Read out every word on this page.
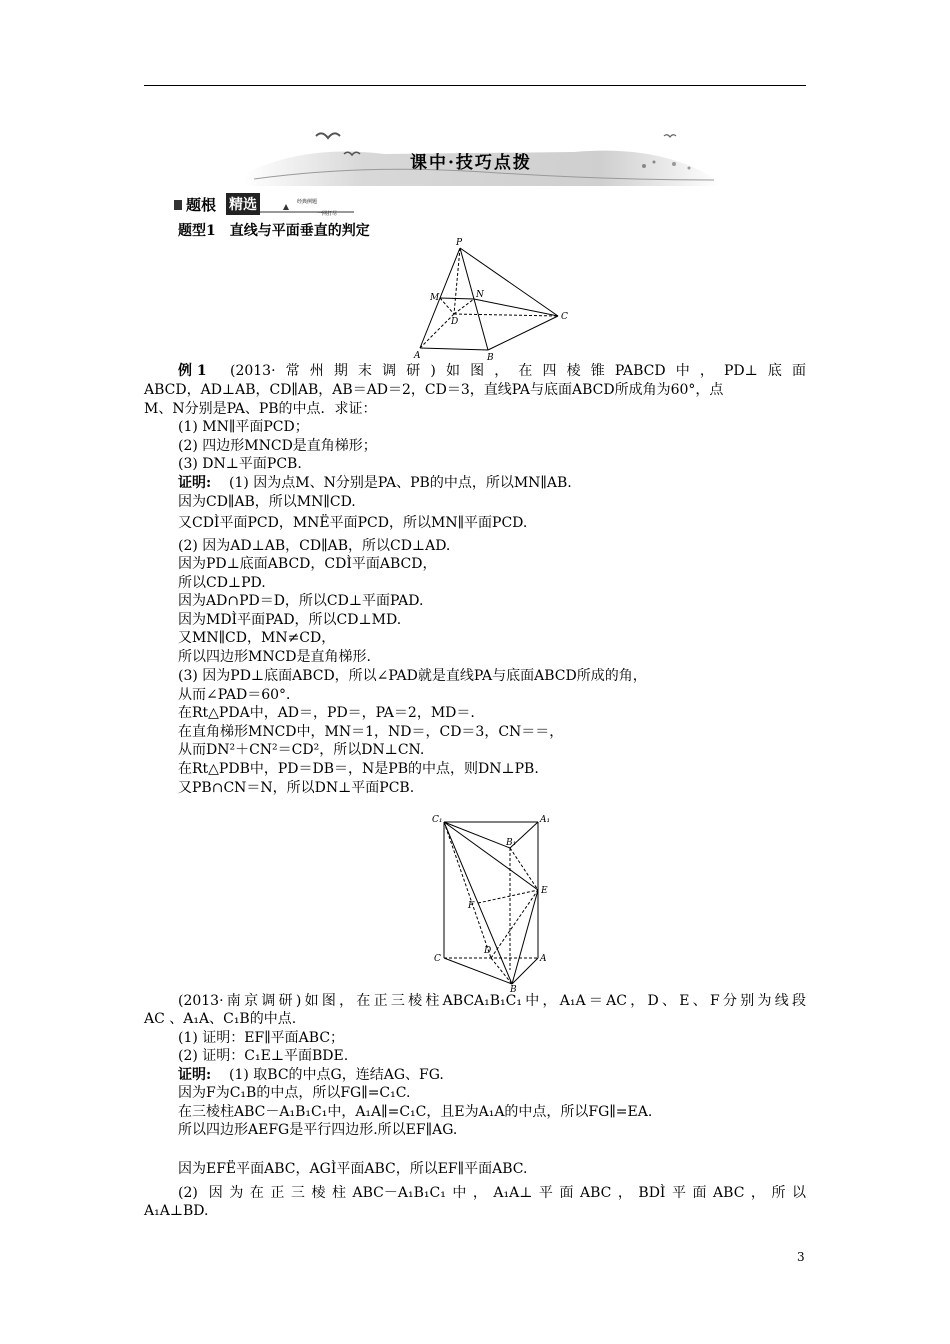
课中·技巧点拨
题根 精选	经典例题
一网打尽
题型1　直线与平面垂直的判定
P
M	N
D	C
A	B
例 1 (2013·常州期末调研)如图，在四棱锥PABCD中，PD⊥底面
ABCD，AD⊥AB，CD∥AB，AB＝AD＝2，CD＝3，直线PA与底面ABCD所成角为60°，点
M、N分别是PA、PB的中点．求证：
(1) MN∥平面PCD；
(2) 四边形MNCD是直角梯形；
(3) DN⊥平面PCB.
证明: (1) 因为点M、N分别是PA、PB的中点，所以MN∥AB.
因为CD∥AB，所以MN∥CD.
又CDÌ平面PCD，MNË平面PCD，所以MN∥平面PCD.
(2) 因为AD⊥AB，CD∥AB，所以CD⊥AD.
因为PD⊥底面ABCD，CDÌ平面ABCD，
所以CD⊥PD.
因为AD∩PD＝D，所以CD⊥平面PAD.
因为MDÌ平面PAD，所以CD⊥MD.
又MN∥CD，MN≠CD，
所以四边形MNCD是直角梯形.
(3) 因为PD⊥底面ABCD，所以∠PAD就是直线PA与底面ABCD所成的角，
从而∠PAD＝60°．
在Rt△PDA中，AD＝，PD＝，PA＝2，MD＝.
在直角梯形MNCD中，MN＝1，ND＝，CD＝3，CN＝＝，
从而DN²＋CN²＝CD²，所以DN⊥CN.
在Rt△PDB中，PD＝DB＝，N是PB的中点，则DN⊥PB.
又PB∩CN＝N，所以DN⊥平面PCB.
C₁	A₁
B₁
E
F
D
C	A
B
(2013·南京调研)如图，在正三棱柱ABCA₁B₁C₁中，A₁A＝AC，D、E、F分别为线段
AC 、A₁A、C₁B的中点.
(1) 证明：EF∥平面ABC；
(2) 证明：C₁E⊥平面BDE.
证明: (1) 取BC的中点G，连结AG、FG.
因为F为C₁B的中点，所以FG∥=C₁C.
在三棱柱ABC－A₁B₁C₁中，A₁A∥=C₁C，且E为A₁A的中点，所以FG∥=EA.
所以四边形AEFG是平行四边形.所以EF∥AG.
因为EFË平面ABC，AGÌ平面ABC，所以EF∥平面ABC.
(2) 因为在正三棱柱ABC－A₁B₁C₁中，A₁A⊥平面ABC，BDÌ平面ABC，所以
A₁A⊥BD.
3
